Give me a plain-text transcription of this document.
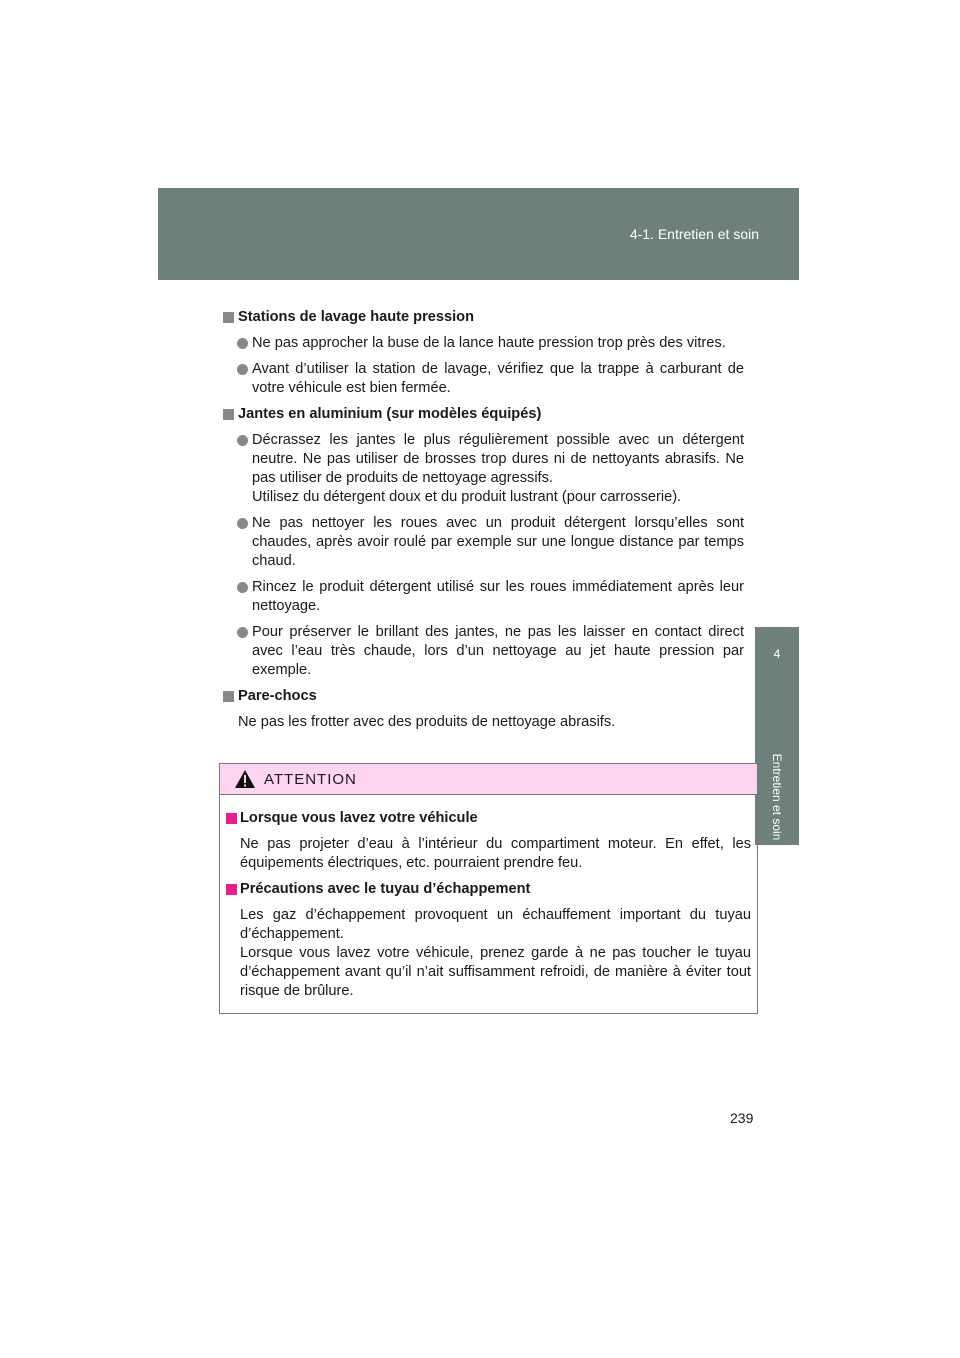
4-1. Entretien et soin
4
Entretien et soin
Stations de lavage haute pression
Ne pas approcher la buse de la lance haute pression trop près des vitres.
Avant d’utiliser la station de lavage, vérifiez que la trappe à carburant de votre véhicule est bien fermée.
Jantes en aluminium (sur modèles équipés)
Décrassez les jantes le plus régulièrement possible avec un détergent neutre. Ne pas utiliser de brosses trop dures ni de nettoyants abrasifs. Ne pas utiliser de produits de nettoyage agressifs.
Utilisez du détergent doux et du produit lustrant (pour carrosserie).
Ne pas nettoyer les roues avec un produit détergent lorsqu’elles sont chaudes, après avoir roulé par exemple sur une longue distance par temps chaud.
Rincez le produit détergent utilisé sur les roues immédiatement après leur nettoyage.
Pour préserver le brillant des jantes, ne pas les laisser en contact direct avec l’eau très chaude, lors d’un nettoyage au jet haute pression par exemple.
Pare-chocs
Ne pas les frotter avec des produits de nettoyage abrasifs.
ATTENTION
Lorsque vous lavez votre véhicule
Ne pas projeter d’eau à l’intérieur du compartiment moteur. En effet, les équipements électriques, etc. pourraient prendre feu.
Précautions avec le tuyau d’échappement
Les gaz d’échappement provoquent un échauffement important du tuyau d’échappement.
Lorsque vous lavez votre véhicule, prenez garde à ne pas toucher le tuyau d’échappement avant qu’il n’ait suffisamment refroidi, de manière à éviter tout risque de brûlure.
239
